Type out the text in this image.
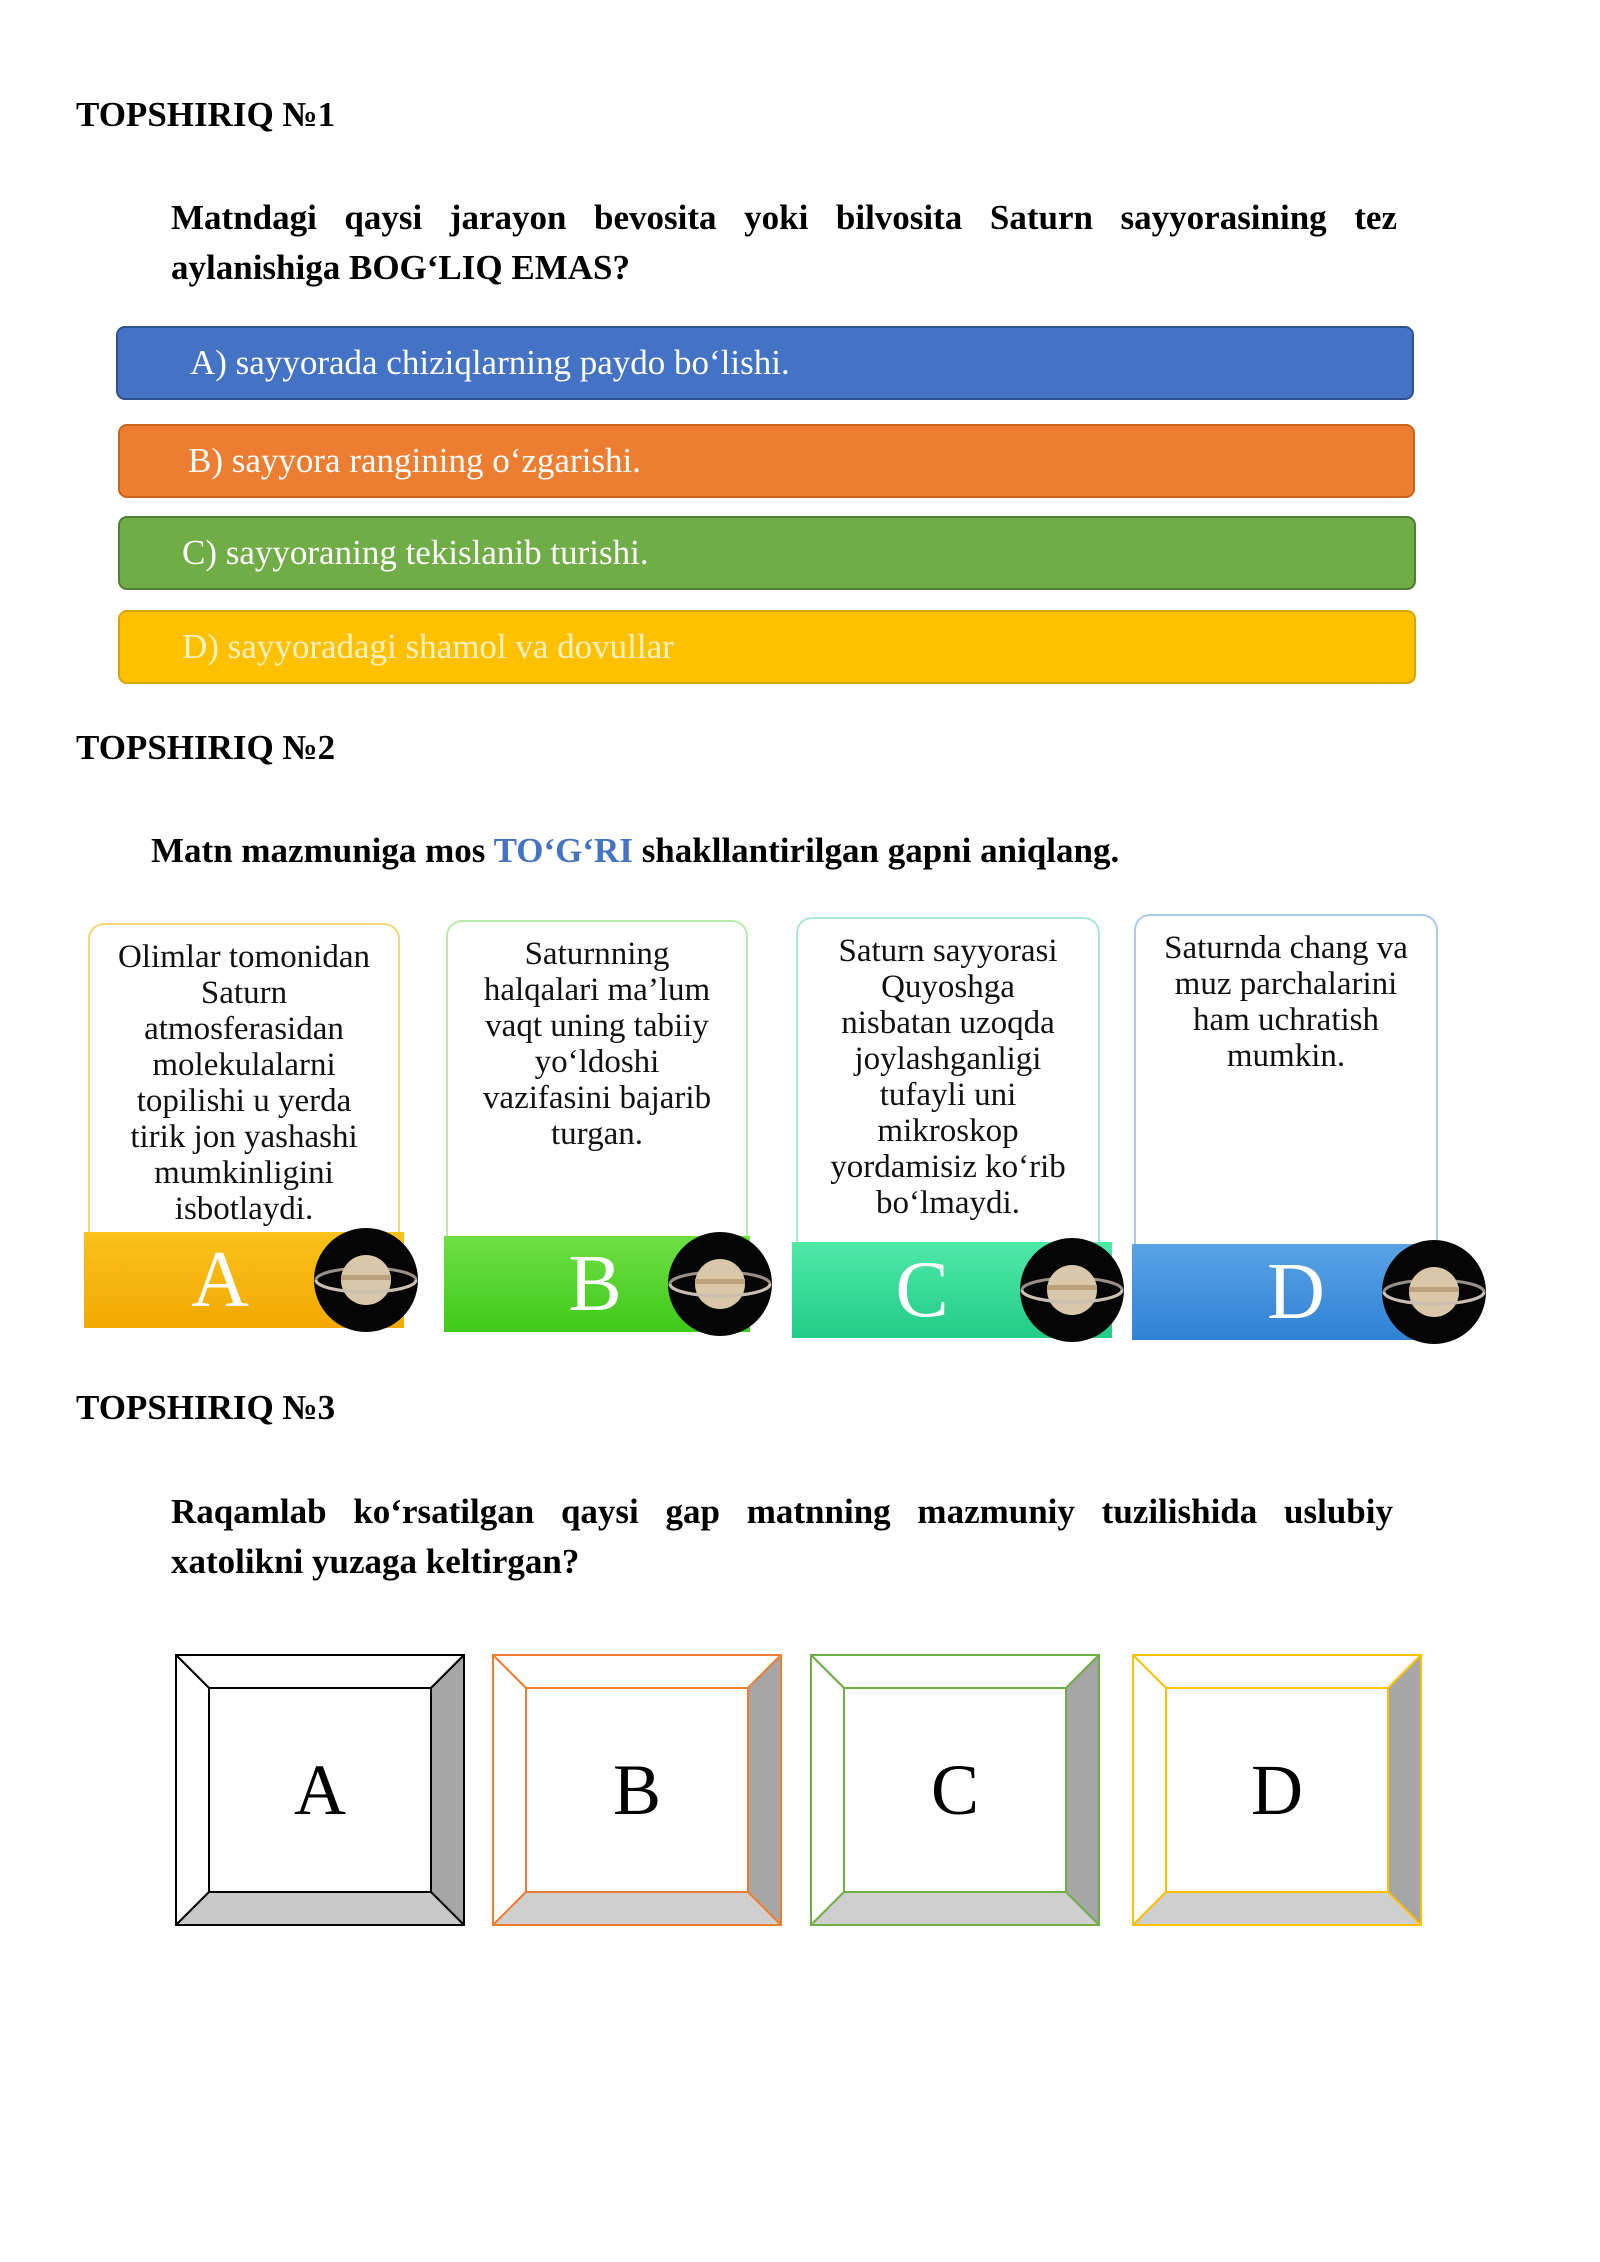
TOPSHIRIQ №1
Matndagi qaysi jarayon bevosita yoki bilvosita Saturn sayyorasining tez
aylanishiga BOG‘LIQ EMAS?
A) sayyorada chiziqlarning paydo bo‘lishi.
B) sayyora rangining o‘zgarishi.
C) sayyoraning tekislanib turishi.
D) sayyoradagi shamol va dovullar
TOPSHIRIQ №2
Matn mazmuniga mos TO‘G‘RI shakllantirilgan gapni aniqlang.
Olimlar tomonidan
Saturn
atmosferasidan
molekulalarni
topilishi u yerda
tirik jon yashashi
mumkinligini
isbotlaydi.
A
Saturnning
halqalari ma’lum
vaqt uning tabiiy
yo‘ldoshi
vazifasini bajarib
turgan.
B
Saturn sayyorasi
Quyoshga
nisbatan uzoqda
joylashganligi
tufayli uni
mikroskop
yordamisiz ko‘rib
bo‘lmaydi.
C
Saturnda chang va
muz parchalarini
ham uchratish
mumkin.
D
TOPSHIRIQ №3
Raqamlab ko‘rsatilgan qaysi gap matnning mazmuniy tuzilishida uslubiy
xatolikni yuzaga keltirgan?
A	B	C	D
